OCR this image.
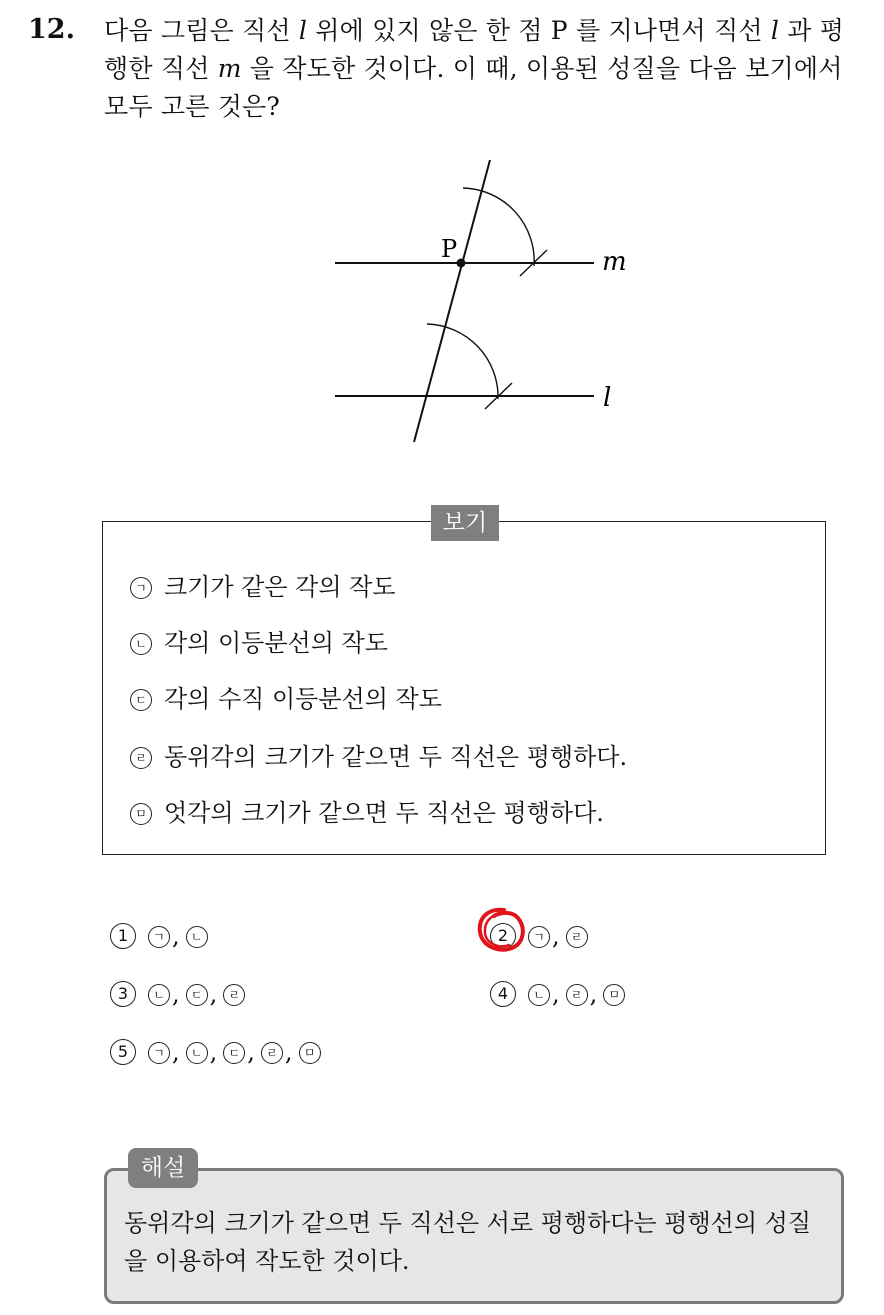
12. 다음 그림은 직선 l 위에 있지 않은 한 점 P 를 지나면서 직선 l 과 평행한 직선 m 을 작도한 것이다. 이 때, 이용된 성질을 다음 보기에서 모두 고른 것은?
P	m
l
보기
ㄱ 크기가 같은 각의 작도
ㄴ 각의 이등분선의 작도
ㄷ 각의 수직 이등분선의 작도
ㄹ 동위각의 크기가 같으면 두 직선은 평행하다.
ㅁ 엇각의 크기가 같으면 두 직선은 평행하다.
1	ㄱ , ㄴ	2	ㄱ , ㄹ
3	ㄴ , ㄷ , ㄹ	4	ㄴ , ㄹ , ㅁ
5	ㄱ , ㄴ , ㄷ , ㄹ , ㅁ
해설
동위각의 크기가 같으면 두 직선은 서로 평행하다는 평행선의 성질을 이용하여 작도한 것이다.
